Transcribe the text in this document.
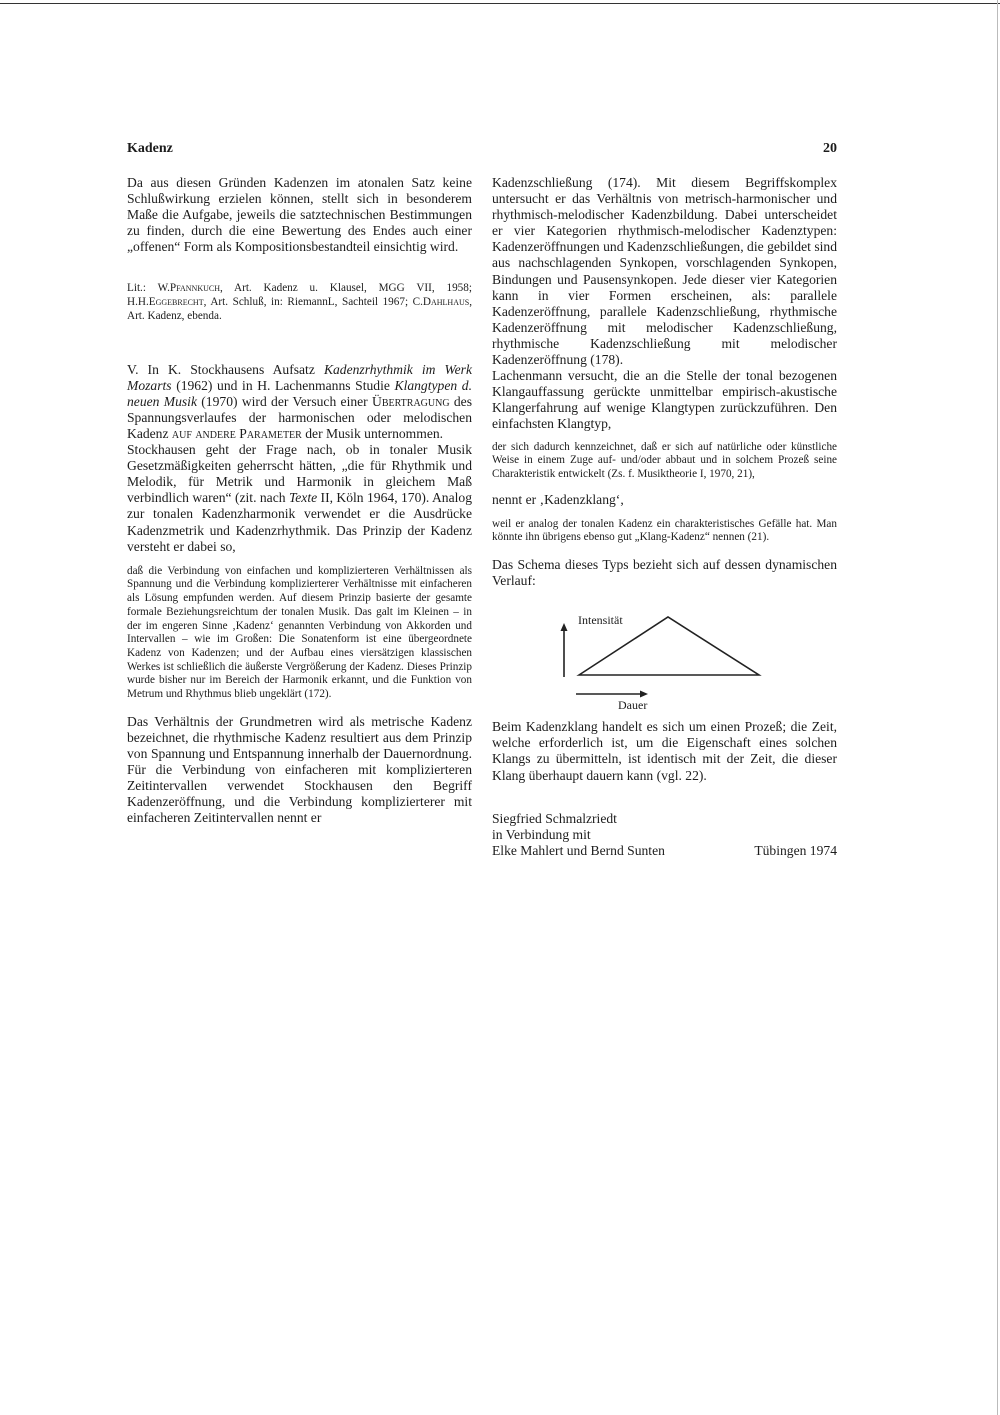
Kadenz	20

Da aus diesen Gründen Kadenzen im atonalen Satz keine Schlußwirkung erzielen können, stellt sich in besonderem Maße die Aufgabe, jeweils die satztechnischen Bestimmungen zu finden, durch die eine Bewertung des Endes auch einer „offenen“ Form als Kompositionsbestandteil einsichtig wird.

Lit.: W.Pfannkuch, Art. Kadenz u. Klausel, MGG VII, 1958; H.H.Eggebrecht, Art. Schluß, in: RiemannL, Sachteil 1967; C.Dahlhaus, Art. Kadenz, ebenda.

V. In K. Stockhausens Aufsatz Kadenzrhythmik im Werk Mozarts (1962) und in H. Lachenmanns Studie Klangtypen d. neuen Musik (1970) wird der Versuch einer Übertragung des Spannungsverlaufes der harmonischen oder melodischen Kadenz auf andere Parameter der Musik unternommen.

Stockhausen geht der Frage nach, ob in tonaler Musik Gesetzmäßigkeiten geherrscht hätten, „die für Rhythmik und Melodik, für Metrik und Harmonik in gleichem Maß verbindlich waren“ (zit. nach Texte II, Köln 1964, 170). Analog zur tonalen Kadenzharmonik verwendet er die Ausdrücke Kadenzmetrik und Kadenzrhythmik. Das Prinzip der Kadenz versteht er dabei so,

daß die Verbindung von einfachen und komplizierteren Verhältnissen als Spannung und die Verbindung komplizierterer Verhältnisse mit einfacheren als Lösung empfunden werden. Auf diesem Prinzip basierte der gesamte formale Beziehungsreichtum der tonalen Musik. Das galt im Kleinen – in der im engeren Sinne ‚Kadenz‘ genannten Verbindung von Akkorden und Intervallen – wie im Großen: Die Sonatenform ist eine übergeordnete Kadenz von Kadenzen; und der Aufbau eines viersätzigen klassischen Werkes ist schließlich die äußerste Vergrößerung der Kadenz. Dieses Prinzip wurde bisher nur im Bereich der Harmonik erkannt, und die Funktion von Metrum und Rhythmus blieb ungeklärt (172).

Das Verhältnis der Grundmetren wird als metrische Kadenz bezeichnet, die rhythmische Kadenz resultiert aus dem Prinzip von Spannung und Entspannung innerhalb der Dauernordnung. Für die Verbindung von einfacheren mit komplizierteren Zeitintervallen verwendet Stockhausen den Begriff Kadenzeröffnung, und die Verbindung komplizierterer mit einfacheren Zeitintervallen nennt er

Kadenzschließung (174). Mit diesem Begriffskomplex untersucht er das Verhältnis von metrisch-harmonischer und rhythmisch-melodischer Kadenzbildung. Dabei unterscheidet er vier Kategorien rhythmisch-melodischer Kadenztypen: Kadenzeröffnungen und Kadenzschließungen, die gebildet sind aus nachschlagenden Synkopen, vorschlagenden Synkopen, Bindungen und Pausensynkopen. Jede dieser vier Kategorien kann in vier Formen erscheinen, als: parallele Kadenzeröffnung, parallele Kadenzschließung, rhythmische Kadenzeröffnung mit melodischer Kadenzschließung, rhythmische Kadenzschließung mit melodischer Kadenzeröffnung (178).

Lachenmann versucht, die an die Stelle der tonal bezogenen Klangauffassung gerückte unmittelbar empirisch-akustische Klangerfahrung auf wenige Klangtypen zurückzuführen. Den einfachsten Klangtyp,

der sich dadurch kennzeichnet, daß er sich auf natürliche oder künstliche Weise in einem Zuge auf- und/oder abbaut und in solchem Prozeß seine Charakteristik entwickelt (Zs. f. Musiktheorie I, 1970, 21),

nennt er ‚Kadenzklang‘,

weil er analog der tonalen Kadenz ein charakteristisches Gefälle hat. Man könnte ihn übrigens ebenso gut „Klang-Kadenz“ nennen (21).

Das Schema dieses Typs bezieht sich auf dessen dynamischen Verlauf:

Intensität
Dauer

Beim Kadenzklang handelt es sich um einen Prozeß; die Zeit, welche erforderlich ist, um die Eigenschaft eines solchen Klangs zu übermitteln, ist identisch mit der Zeit, die dieser Klang überhaupt dauern kann (vgl. 22).

Siegfried Schmalzriedt
in Verbindung mit
Elke Mahlert und Bernd Sunten	Tübingen 1974
